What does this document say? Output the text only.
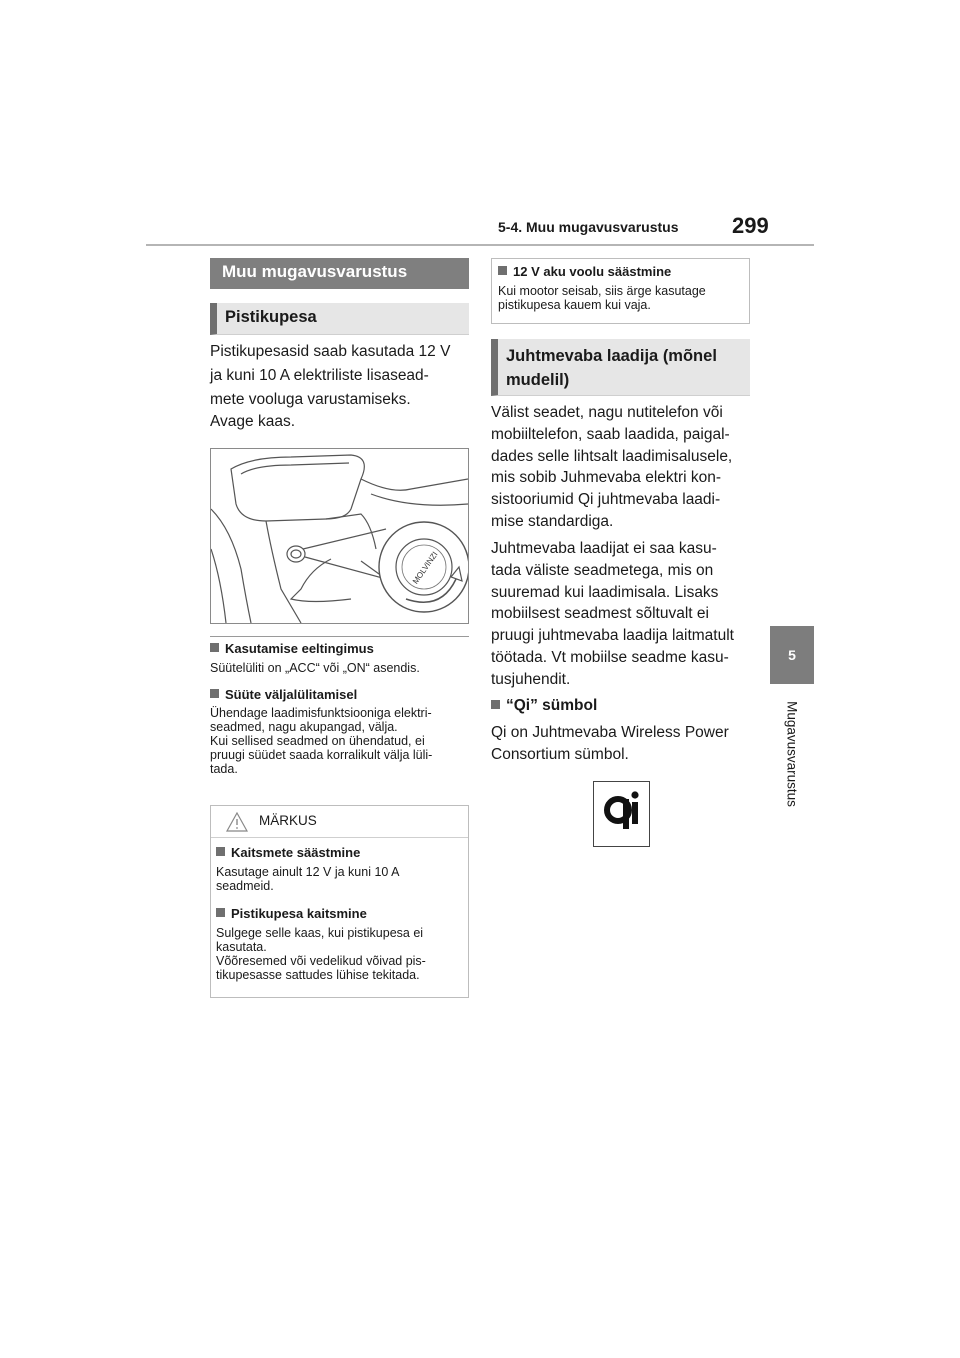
5-4. Muu mugavusvarustus 299
5
Mugavusvarustus
Muu mugavusvarustus
Pistikupesa
Pistikupesasid saab kasutada 12 V
ja kuni 10 A elektriliste lisasead-
mete vooluga varustamiseks.
Avage kaas.
MOLVINZI
Kasutamise eeltingimus
Süütelüliti on „ACC“ või „ON“ asendis.
Süüte väljalülitamisel
Ühendage laadimisfunktsiooniga elektri-
seadmed, nagu akupangad, välja.
Kui sellised seadmed on ühendatud, ei
pruugi süüdet saada korralikult välja lüli-
tada.
MÄRKUS
Kaitsmete säästmine
Kasutage ainult 12 V ja kuni 10 A
seadmeid.
Pistikupesa kaitsmine
Sulgege selle kaas, kui pistikupesa ei
kasutata.
Võõresemed või vedelikud võivad pis-
tikupesasse sattudes lühise tekitada.
12 V aku voolu säästmine
Kui mootor seisab, siis ärge kasutage
pistikupesa kauem kui vaja.
Juhtmevaba laadija (mõnel
mudelil)
Välist seadet, nagu nutitelefon või
mobiiltelefon, saab laadida, paigal-
dades selle lihtsalt laadimisalusele,
mis sobib Juhmevaba elektri kon-
sistooriumid Qi juhtmevaba laadi-
mise standardiga.
Juhtmevaba laadijat ei saa kasu-
tada väliste seadmetega, mis on
suuremad kui laadimisala. Lisaks
mobiilsest seadmest sõltuvalt ei
pruugi juhtmevaba laadija laitmatult
töötada. Vt mobiilse seadme kasu-
tusjuhendit.
“Qi” sümbol
Qi on Juhtmevaba Wireless Power
Consortium sümbol.
